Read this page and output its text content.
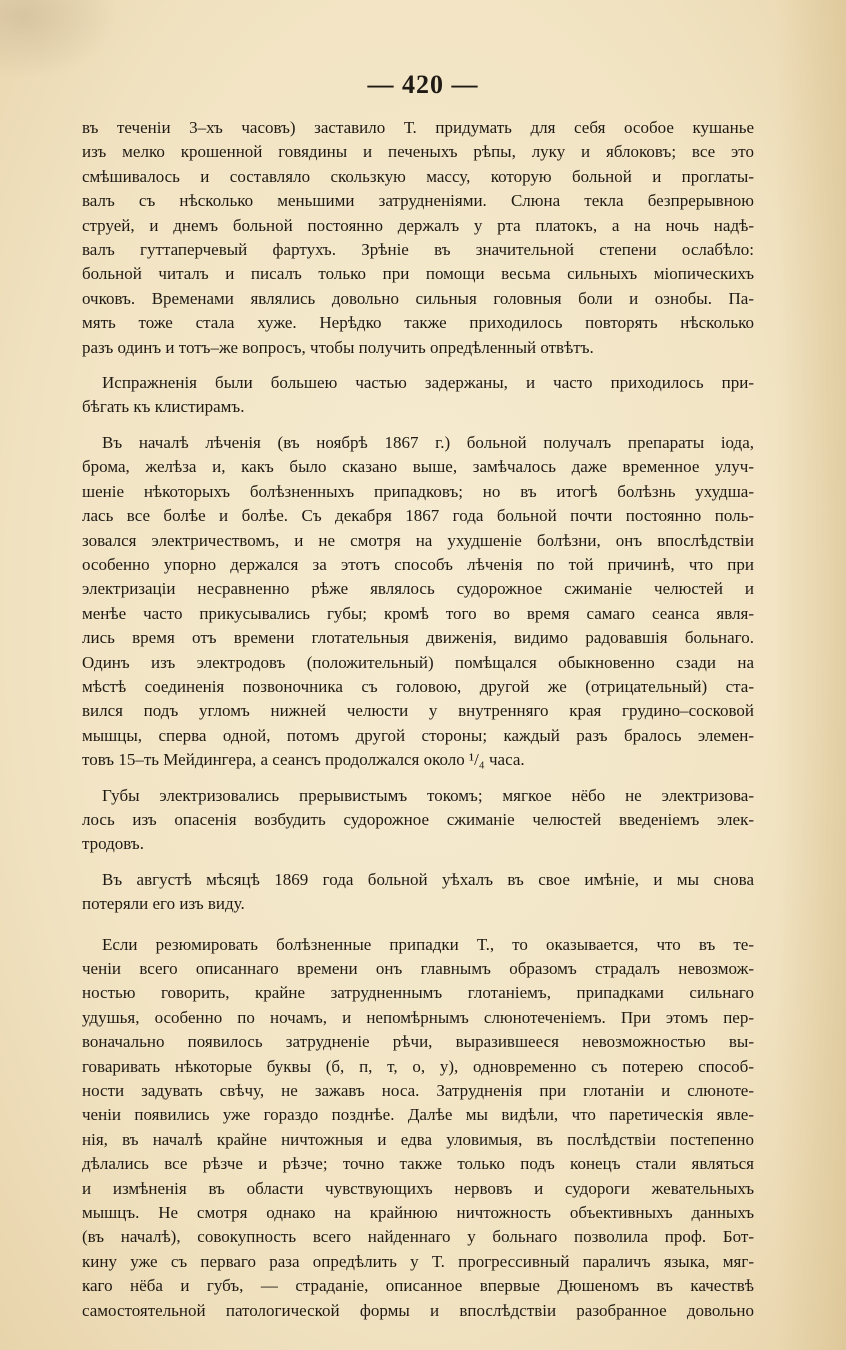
— 420 —

въ теченіи 3–хъ часовъ) заставило Т. придумать для себя особое кушанье
изъ мелко крошенной говядины и печеныхъ рѣпы, луку и яблоковъ; все это
смѣшивалось и составляло скользкую массу, которую больной и проглаты-
валъ съ нѣсколько меньшими затрудненіями. Слюна текла безпрерывною
струей, и днемъ больной постоянно держалъ у рта платокъ, а на ночь надѣ-
валъ гуттаперчевый фартухъ. Зрѣніе въ значительной степени ослабѣло:
больной читалъ и писалъ только при помощи весьма сильныхъ міопическихъ
очковъ. Временами являлись довольно сильныя головныя боли и ознобы. Па-
мять тоже стала хуже. Нерѣдко также приходилось повторять нѣсколько
разъ одинъ и тотъ–же вопросъ, чтобы получить опредѣленный отвѣтъ.

Испражненія были большею частью задержаны, и часто приходилось при-
бѣгать къ клистирамъ.

Въ началѣ лѣченія (въ ноябрѣ 1867 г.) больной получалъ препараты іода,
брома, желѣза и, какъ было сказано выше, замѣчалось даже временное улуч-
шеніе нѣкоторыхъ болѣзненныхъ припадковъ; но въ итогѣ болѣзнь ухудша-
лась все болѣе и болѣе. Съ декабря 1867 года больной почти постоянно поль-
зовался электричествомъ, и не смотря на ухудшеніе болѣзни, онъ впослѣдствіи
особенно упорно держался за этотъ способъ лѣченія по той причинѣ, что при
электризаціи несравненно рѣже являлось судорожное сжиманіе челюстей и
менѣе часто прикусывались губы; кромѣ того во время самаго сеанса явля-
лись время отъ времени глотательныя движенія, видимо радовавшія больнаго.
Одинъ изъ электродовъ (положительный) помѣщался обыкновенно сзади на
мѣстѣ соединенія позвоночника съ головою, другой же (отрицательный) ста-
вился подъ угломъ нижней челюсти у внутренняго края грудино–сосковой
мышцы, сперва одной, потомъ другой стороны; каждый разъ бралось элемен-
товъ 15–ть Мейдингера, а сеансъ продолжался около ¹/₄ часа.

Губы электризовались прерывистымъ токомъ; мягкое нёбо не электризова-
лось изъ опасенія возбудить судорожное сжиманіе челюстей введеніемъ элек-
тродовъ.

Въ августѣ мѣсяцѣ 1869 года больной уѣхалъ въ свое имѣніе, и мы снова
потеряли его изъ виду.

Если резюмировать болѣзненные припадки Т., то оказывается, что въ те-
ченіи всего описаннаго времени онъ главнымъ образомъ страдалъ невозмож-
ностью говорить, крайне затрудненнымъ глотаніемъ, припадками сильнаго
удушья, особенно по ночамъ, и непомѣрнымъ слюнотеченіемъ. При этомъ пер-
воначально появилось затрудненіе рѣчи, выразившееся невозможностью вы-
говаривать нѣкоторые буквы (б, п, т, о, у), одновременно съ потерею способ-
ности задувать свѣчу, не зажавъ носа. Затрудненія при глотаніи и слюноте-
ченіи появились уже гораздо позднѣе. Далѣе мы видѣли, что паретическія явле-
нія, въ началѣ крайне ничтожныя и едва уловимыя, въ послѣдствіи постепенно
дѣлались все рѣзче и рѣзче; точно также только подъ конецъ стали являться
и измѣненія въ области чувствующихъ нервовъ и судороги жевательныхъ
мышцъ. Не смотря однако на крайнюю ничтожность объективныхъ данныхъ
(въ началѣ), совокупность всего найденнаго у больнаго позволила проф. Бот-
кину уже съ перваго раза опредѣлить у Т. прогрессивный параличъ языка, мяг-
каго нёба и губъ, — страданіе, описанное впервые Дюшеномъ въ качествѣ
самостоятельной патологической формы и впослѣдствіи разобранное довольно
